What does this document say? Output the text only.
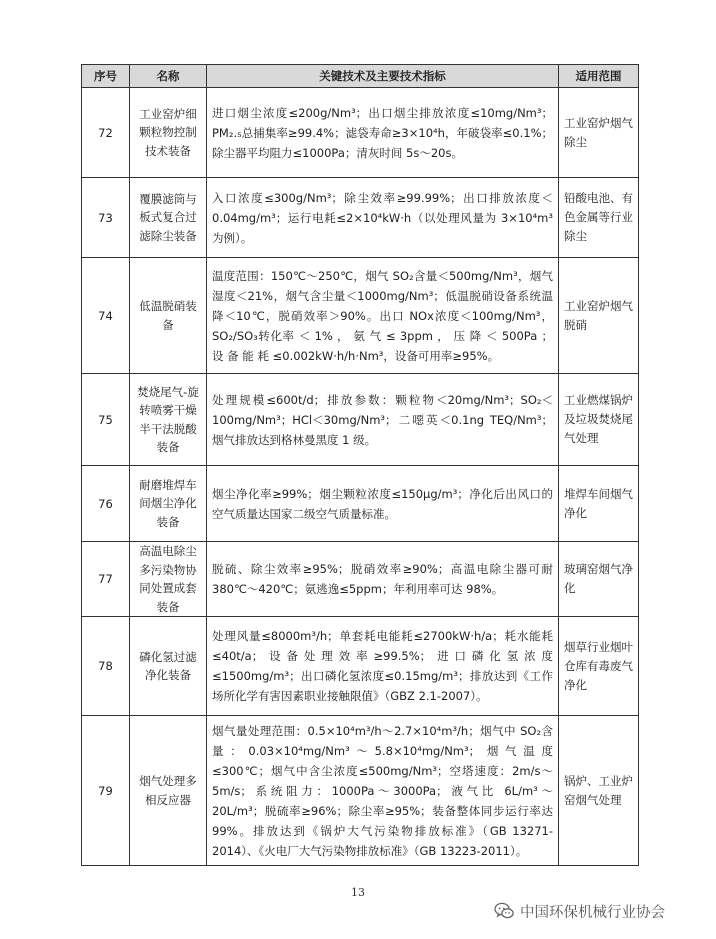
序号	名称	关键技术及主要技术指标	适用范围
72	工业窑炉细颗粒物控制技术装备	进口烟尘浓度≤200g/Nm³；出口烟尘排放浓度≤10mg/Nm³；PM₂.₅总捕集率≥99.4%；滤袋寿命≥3×10⁴h，年破袋率≤0.1%；除尘器平均阻力≤1000Pa；清灰时间 5s～20s。	工业窑炉烟气除尘
73	覆膜滤筒与板式复合过滤除尘装备	入口浓度≤300g/Nm³；除尘效率≥99.99%；出口排放浓度＜0.04mg/m³；运行电耗≤2×10⁴kW·h（以处理风量为 3×10⁴m³为例）。	铅酸电池、有色金属等行业除尘
74	低温脱硝装备	温度范围：150℃～250℃，烟气 SO₂含量＜500mg/Nm³，烟气湿度＜21%，烟气含尘量＜1000mg/Nm³；低温脱硝设备系统温降＜10℃，脱硝效率＞90%。出口 NOx浓度＜100mg/Nm³，SO₂/SO₃转化率 ＜ 1% ， 氨 气 ≤ 3ppm ， 压 降 ＜ 500Pa ； 设 备 能 耗 ≤0.002kW·h/h·Nm³，设备可用率≥95%。	工业窑炉烟气脱硝
75	焚烧尾气-旋转喷雾干燥半干法脱酸装备	处理规模≤600t/d；排放参数：颗粒物＜20mg/Nm³；SO₂＜100mg/Nm³；HCl＜30mg/Nm³；二噁英＜0.1ng TEQ/Nm³；烟气排放达到格林曼黑度 1 级。	工业燃煤锅炉及垃圾焚烧尾气处理
76	耐磨堆焊车间烟尘净化装备	烟尘净化率≥99%；烟尘颗粒浓度≤150μg/m³；净化后出风口的空气质量达国家二级空气质量标准。	堆焊车间烟气净化
77	高温电除尘多污染物协同处置成套装备	脱硫、除尘效率≥95%；脱硝效率≥90%；高温电除尘器可耐 380℃～420℃；氨逃逸≤5ppm；年利用率可达 98%。	玻璃窑烟气净化
78	磷化氢过滤净化装备	处理风量≤8000m³/h；单套耗电能耗≤2700kW·h/a；耗水能耗≤40t/a；设备处理效率≥99.5%；进口磷化氢浓度≤1500mg/m³；出口磷化氢浓度≤0.15mg/m³；排放达到《工作场所化学有害因素职业接触限值》（GBZ 2.1-2007）。	烟草行业烟叶仓库有毒废气净化
79	烟气处理多相反应器	烟气量处理范围：0.5×10⁴m³/h～2.7×10⁴m³/h；烟气中 SO₂含量：0.03×10⁴mg/Nm³～5.8×10⁴mg/Nm³；烟气温度≤300℃；烟气中含尘浓度≤500mg/Nm³；空塔速度：2m/s～5m/s；系统阻力：1000Pa～3000Pa；液气比 6L/m³～20L/m³；脱硫率≥96%；除尘率≥95%；装备整体同步运行率达 99%。排放达到《锅炉大气污染物排放标准》（GB 13271-2014）、《火电厂大气污染物排放标准》（GB 13223-2011）。	锅炉、工业炉窑烟气处理
13
中国环保机械行业协会
